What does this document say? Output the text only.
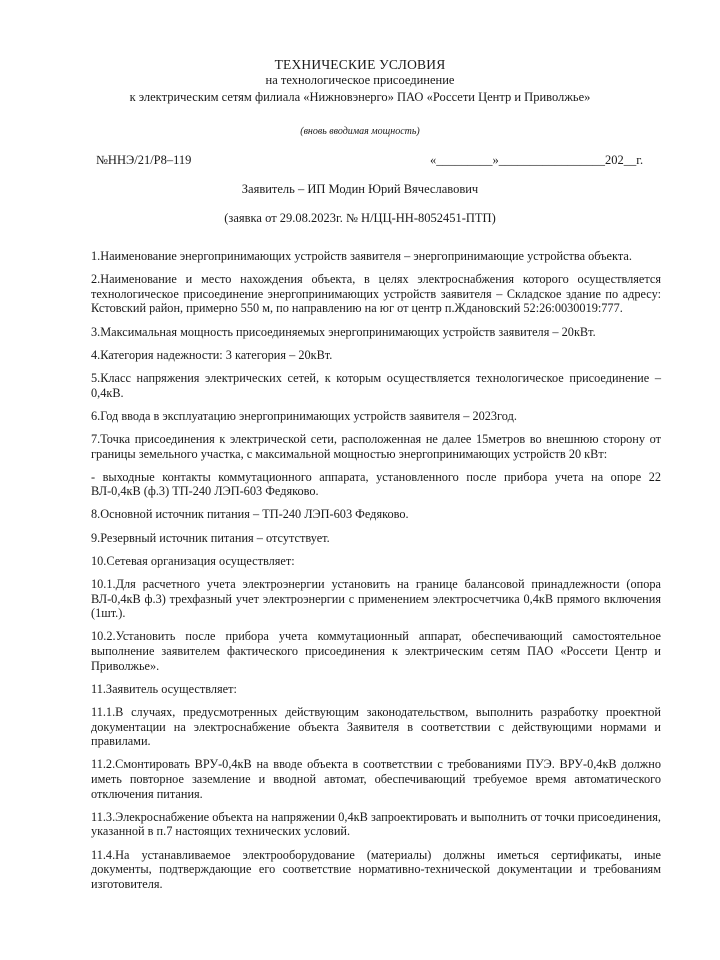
ТЕХНИЧЕСКИЕ УСЛОВИЯ
на технологическое присоединение
к электрическим сетям филиала «Нижновэнерго» ПАО «Россети Центр и Приволжье»
(вновь вводимая мощность)
№ННЭ/21/Р8–119	«_________»_________________202__г.
Заявитель – ИП Модин Юрий Вячеславович
(заявка от 29.08.2023г. № Н/ЦЦ-НН-8052451-ПТП)

1.Наименование энергопринимающих устройств заявителя – энергопринимающие устройства объекта.

2.Наименование и место нахождения объекта, в целях электроснабжения которого осуществляется технологическое присоединение энергопринимающих устройств заявителя – Складское здание по адресу: Кстовский район, примерно 550 м, по направлению на юг от центр п.Ждановский 52:26:0030019:777.

3.Максимальная мощность присоединяемых энергопринимающих устройств заявителя – 20кВт.

4.Категория надежности: 3 категория – 20кВт.

5.Класс напряжения электрических сетей, к которым осуществляется технологическое присоединение – 0,4кВ.

6.Год ввода в эксплуатацию энергопринимающих устройств заявителя – 2023год.

7.Точка присоединения к электрической сети, расположенная не далее 15метров во внешнюю сторону от границы земельного участка, с максимальной мощностью энергопринимающих устройств 20 кВт:

- выходные контакты коммутационного аппарата, установленного после прибора учета на опоре 22 ВЛ-0,4кВ (ф.3) ТП-240 ЛЭП-603 Федяково.

8.Основной источник питания – ТП-240 ЛЭП-603 Федяково.

9.Резервный источник питания – отсутствует.

10.Сетевая организация осуществляет:

10.1.Для расчетного учета электроэнергии установить на границе балансовой принадлежности (опора ВЛ-0,4кВ ф.3) трехфазный учет электроэнергии с применением электросчетчика 0,4кВ прямого включения (1шт.).

10.2.Установить после прибора учета коммутационный аппарат, обеспечивающий самостоятельное выполнение заявителем фактического присоединения к электрическим сетям ПАО «Россети Центр и Приволжье».

11.Заявитель осуществляет:

11.1.В случаях, предусмотренных действующим законодательством, выполнить разработку проектной документации на электроснабжение объекта Заявителя в соответствии с действующими нормами и правилами.

11.2.Смонтировать ВРУ-0,4кВ на вводе объекта в соответствии с требованиями ПУЭ. ВРУ-0,4кВ должно иметь повторное заземление и вводной автомат, обеспечивающий требуемое время автоматического отключения питания.

11.3.Элекроснабжение объекта на напряжении 0,4кВ запроектировать и выполнить от точки присоединения, указанной в п.7 настоящих технических условий.

11.4.На устанавливаемое электрооборудование (материалы) должны иметься сертификаты, иные документы, подтверждающие его соответствие нормативно-технической документации и требованиям изготовителя.
